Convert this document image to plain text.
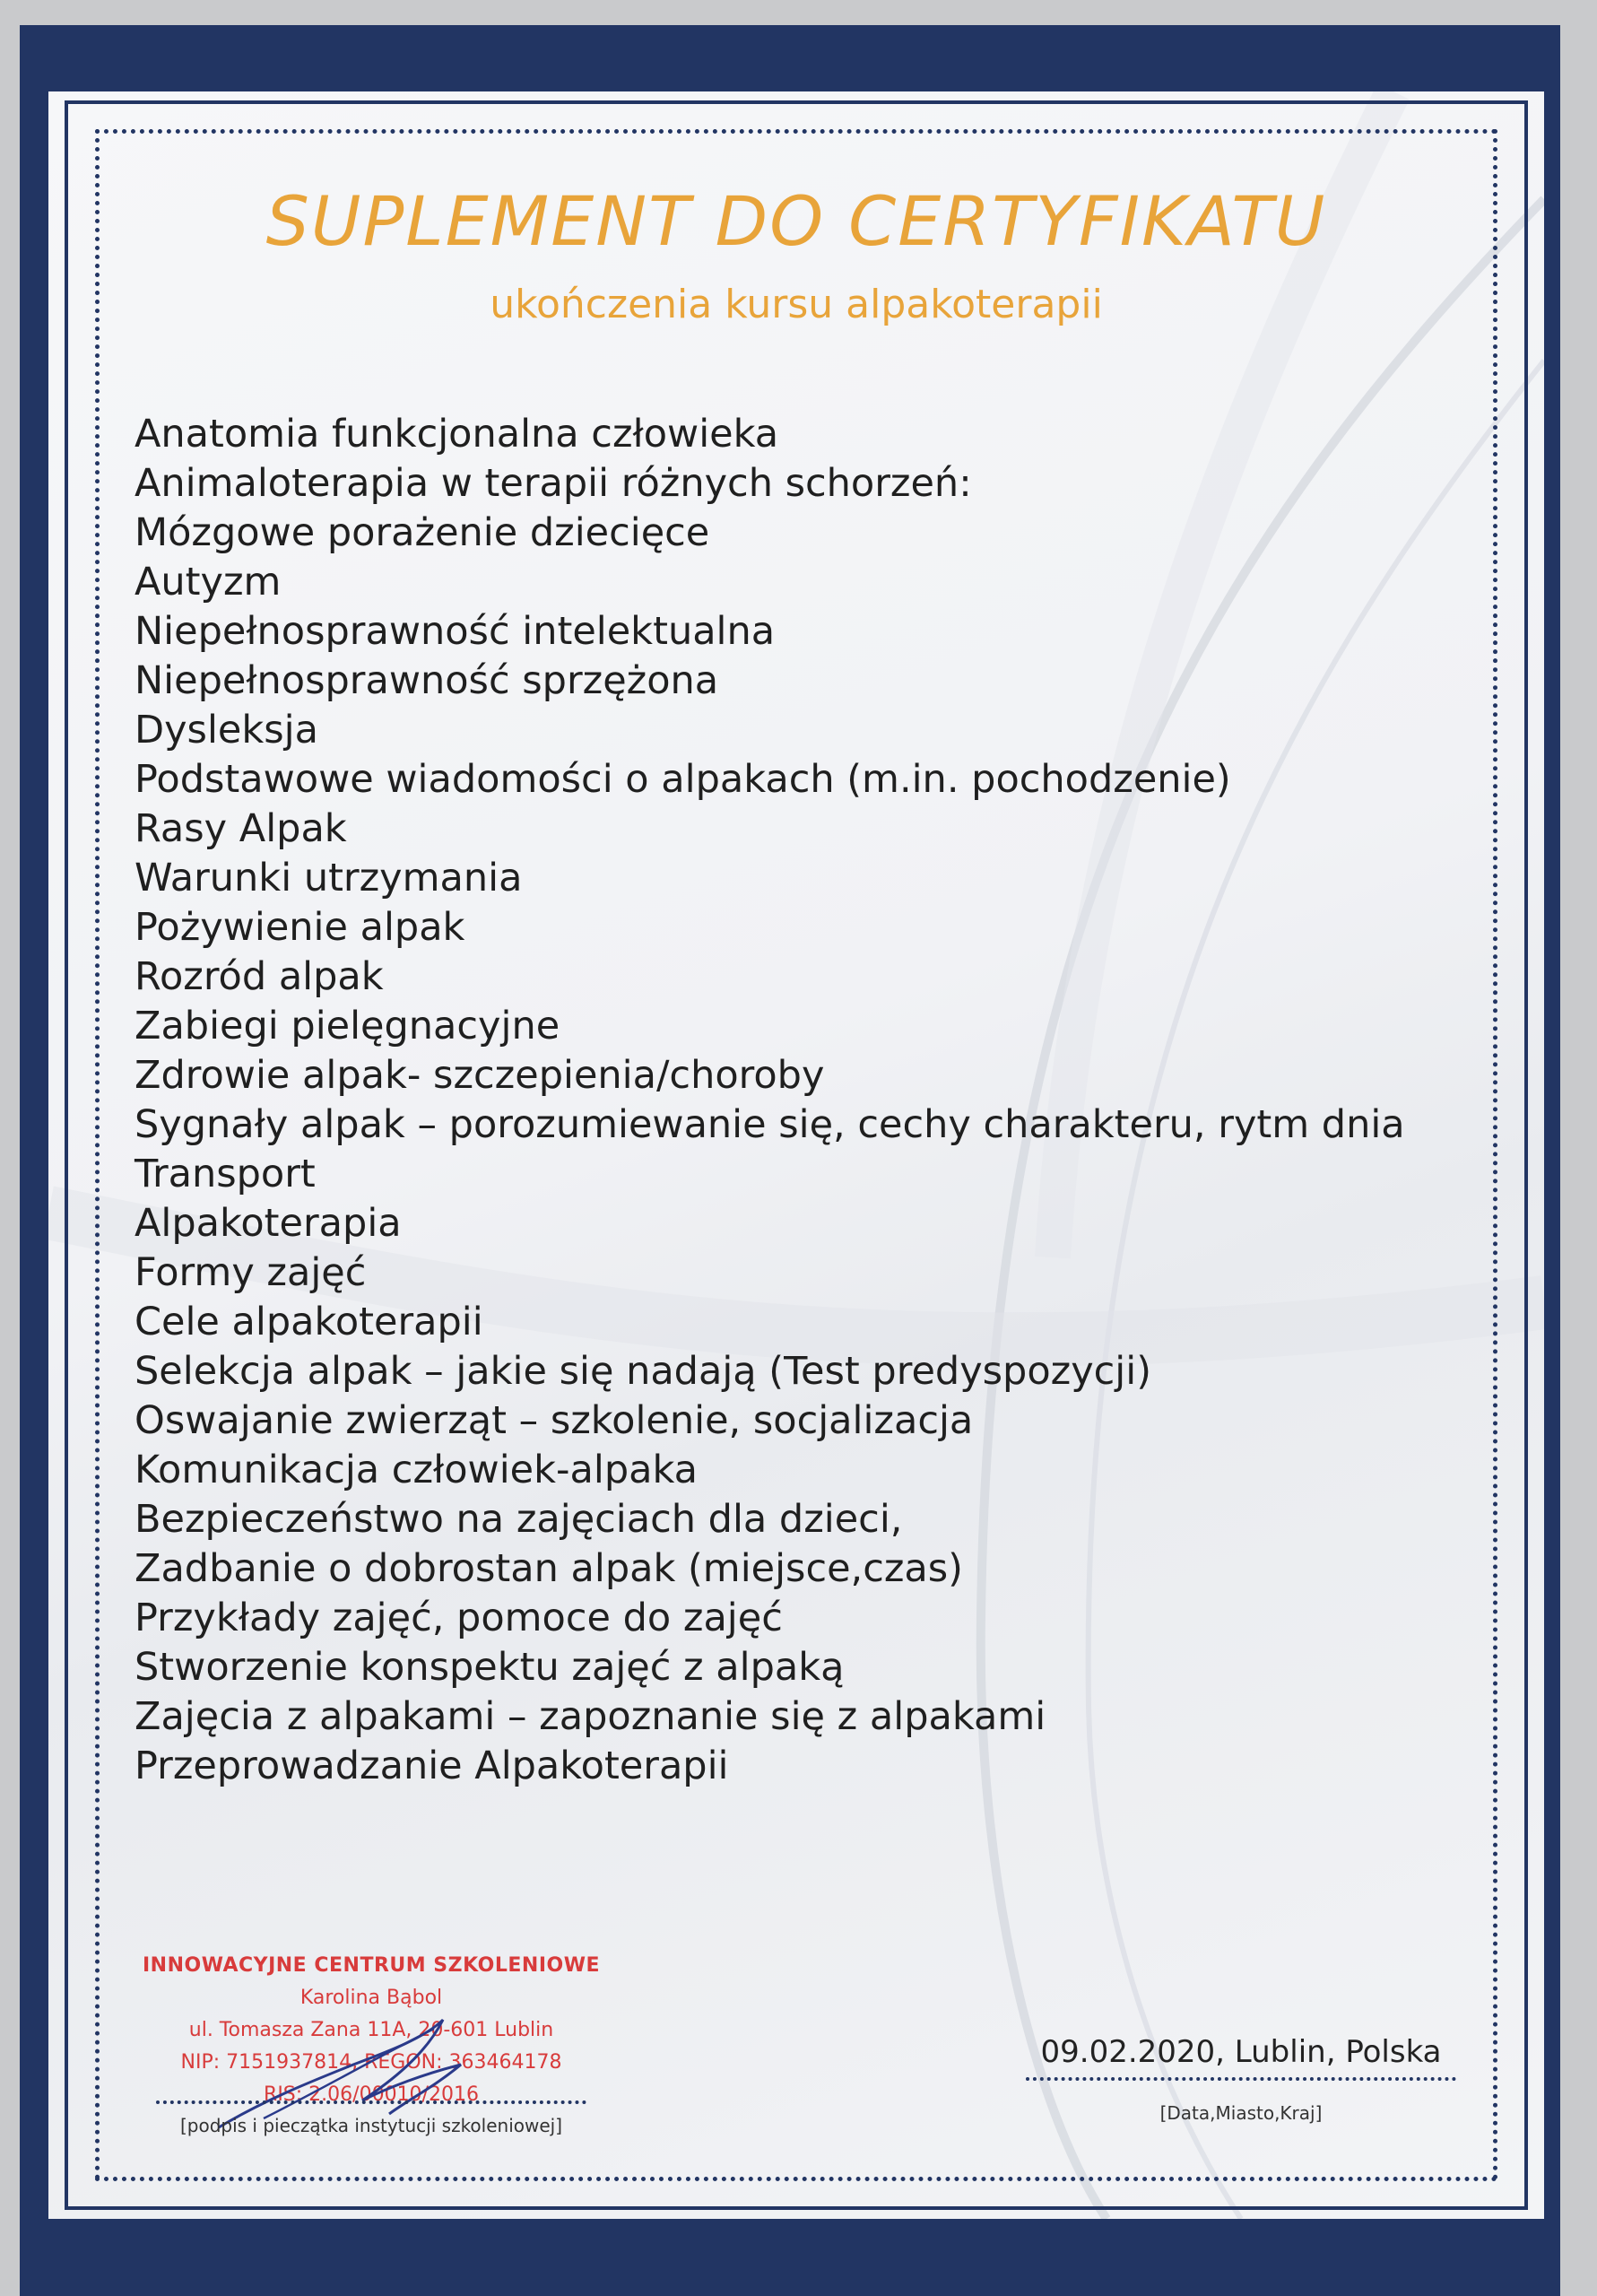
SUPLEMENT DO CERTYFIKATU
ukończenia kursu alpakoterapii
Anatomia funkcjonalna człowieka
Animaloterapia w terapii różnych schorzeń:
Mózgowe porażenie dziecięce
Autyzm
Niepełnosprawność intelektualna
Niepełnosprawność sprzężona
Dysleksja
Podstawowe wiadomości o alpakach (m.in. pochodzenie)
Rasy Alpak
Warunki utrzymania
Pożywienie alpak
Rozród alpak
Zabiegi pielęgnacyjne
Zdrowie alpak- szczepienia/choroby
Sygnały alpak – porozumiewanie się, cechy charakteru, rytm dnia
Transport
Alpakoterapia
Formy zajęć
Cele alpakoterapii
Selekcja alpak – jakie się nadają (Test predyspozycji)
Oswajanie zwierząt – szkolenie, socjalizacja
Komunikacja człowiek-alpaka
Bezpieczeństwo na zajęciach dla dzieci,
Zadbanie o dobrostan alpak (miejsce,czas)
Przykłady zajęć, pomoce do zajęć
Stworzenie konspektu zajęć z alpaką
Zajęcia z alpakami – zapoznanie się z alpakami
Przeprowadzanie Alpakoterapii
INNOWACYJNE CENTRUM SZKOLENIOWE
Karolina Bąbol
ul. Tomasza Zana 11A, 20-601 Lublin
NIP: 7151937814, REGON: 363464178
RIS: 2.06/00010/2016
[podpis i pieczątka instytucji szkoleniowej]
09.02.2020, Lublin, Polska
[Data,Miasto,Kraj]
